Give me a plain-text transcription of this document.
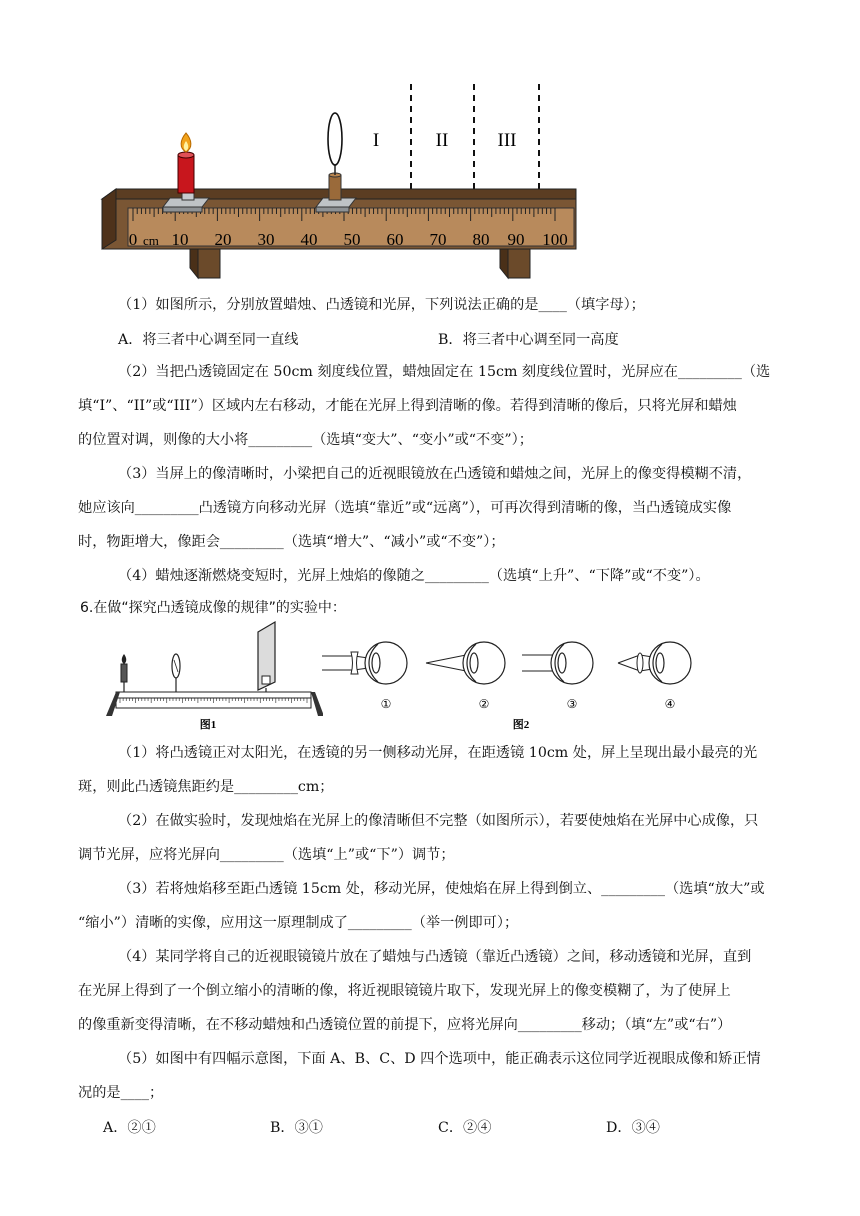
I	II	III
cm
0 10 20 30 40 50 60 70 80 90 100
（1）如图所示，分别放置蜡烛、凸透镜和光屏，下列说法正确的是____（填字母）；
A．将三者中心调至同一直线	B．将三者中心调至同一高度
（2）当把凸透镜固定在 50cm 刻度线位置，蜡烛固定在 15cm 刻度线位置时，光屏应在_________（选
填“I”、“II”或“III”）区域内左右移动，才能在光屏上得到清晰的像。若得到清晰的像后，只将光屏和蜡烛
的位置对调，则像的大小将_________（选填“变大”、“变小”或“不变”）；
（3）当屏上的像清晰时，小梁把自己的近视眼镜放在凸透镜和蜡烛之间，光屏上的像变得模糊不清，
她应该向_________凸透镜方向移动光屏（选填“靠近”或“远离”），可再次得到清晰的像，当凸透镜成实像
时，物距增大，像距会_________（选填“增大”、“减小”或“不变”）；
（4）蜡烛逐渐燃烧变短时，光屏上烛焰的像随之_________（选填“上升”、“下降”或“不变”）。
6.在做“探究凸透镜成像的规律”的实验中：
图1
①	②	③	④
图2
（1）将凸透镜正对太阳光，在透镜的另一侧移动光屏，在距透镜 10cm 处，屏上呈现出最小最亮的光
斑，则此凸透镜焦距约是_________cm；
（2）在做实验时，发现烛焰在光屏上的像清晰但不完整（如图所示），若要使烛焰在光屏中心成像，只
调节光屏，应将光屏向_________（选填“上”或“下”）调节；
（3）若将烛焰移至距凸透镜 15cm 处，移动光屏，使烛焰在屏上得到倒立、_________（选填“放大”或
“缩小”）清晰的实像，应用这一原理制成了_________（举一例即可）；
（4）某同学将自己的近视眼镜镜片放在了蜡烛与凸透镜（靠近凸透镜）之间，移动透镜和光屏，直到
在光屏上得到了一个倒立缩小的清晰的像，将近视眼镜镜片取下，发现光屏上的像变模糊了，为了使屏上
的像重新变得清晰，在不移动蜡烛和凸透镜位置的前提下，应将光屏向_________移动；（填“左”或“右”）
（5）如图中有四幅示意图，下面 A、B、C、D 四个选项中，能正确表示这位同学近视眼成像和矫正情
况的是____；
A．②①	B．③①	C．②④	D．③④
